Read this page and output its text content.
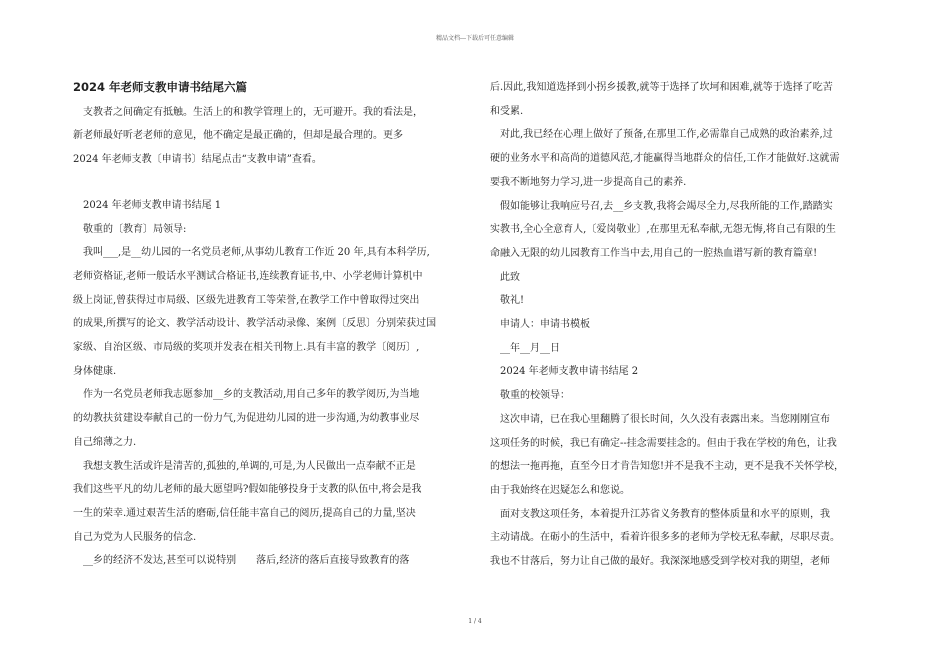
精品文档---下载后可任意编辑

2024 年老师支教申请书结尾六篇

支教者之间确定有抵触。生活上的和教学管理上的，无可避开。我的看法是，

新老师最好听老老师的意见，他不确定是最正确的，但却是最合理的。更多

2024 年老师支教〔申请书〕结尾点击“支教申请”查看。

2024 年老师支教申请书结尾 1

敬重的〔教育〕局领导:

我叫___,是__幼儿园的一名党员老师,从事幼儿教育工作近 20 年,具有本科学历,

老师资格证,老师一般话水平测试合格证书,连续教育证书,中、小学老师计算机中

级上岗证,曾获得过市局级、区级先进教育工等荣誉,在教学工作中曾取得过突出

的成果,所撰写的论文、教学活动设计、教学活动录像、案例〔反思〕分别荣获过国

家级、自治区级、市局级的奖项并发表在相关刊物上.具有丰富的教学〔阅历〕,

身体健康.

作为一名党员老师我志愿参加__乡的支教活动,用自己多年的教学阅历,为当地

的幼教扶贫建设奉献自己的一份力气,为促进幼儿园的进一步沟通,为幼教事业尽

自己绵薄之力.

我想支教生活或许是清苦的,孤独的,单调的,可是,为人民做出一点奉献不正是

我们这些平凡的幼儿老师的最大愿望吗?假如能够投身于支教的队伍中,将会是我

一生的荣幸.通过艰苦生活的磨砺,信任能丰富自己的阅历,提高自己的力量,坚决

自己为党为人民服务的信念.

__乡的经济不发达,甚至可以说特别　　落后,经济的落后直接导致教育的落

后.因此,我知道选择到小拐乡援教,就等于选择了坎坷和困难,就等于选择了吃苦

和受累.

对此,我已经在心理上做好了预备,在那里工作,必需靠自己成熟的政治素养,过

硬的业务水平和高尚的道德风范,才能赢得当地群众的信任,工作才能做好.这就需

要我不断地努力学习,进一步提高自己的素养.

假如能够让我响应号召,去__乡支教,我将会竭尽全力,尽我所能的工作,踏踏实

实教书,全心全意育人,〔爱岗敬业〕,在那里无私奉献,无怨无悔,将自己有限的生

命融入无限的幼儿园教育工作当中去,用自己的一腔热血谱写新的教育篇章!

此致

敬礼!

申请人：申请书模板

__年__月__日

2024 年老师支教申请书结尾 2

敬重的校领导：

这次申请，已在我心里翻腾了很长时间，久久没有表露出来。当您刚刚宣布

这项任务的时候，我已有确定--挂念需要挂念的。但由于我在学校的角色，让我

的想法一拖再拖，直至今日才肯告知您!并不是我不主动，更不是我不关怀学校，

由于我始终在迟疑怎么和您说。

面对支教这项任务，本着提升江苏省义务教育的整体质量和水平的原则，我

主动请战。在砺小的生活中，看着许很多多的老师为学校无私奉献，尽职尽责。

我也不甘落后，努力让自己做的最好。我深深地感受到学校对我的期望，老师

1 / 4
